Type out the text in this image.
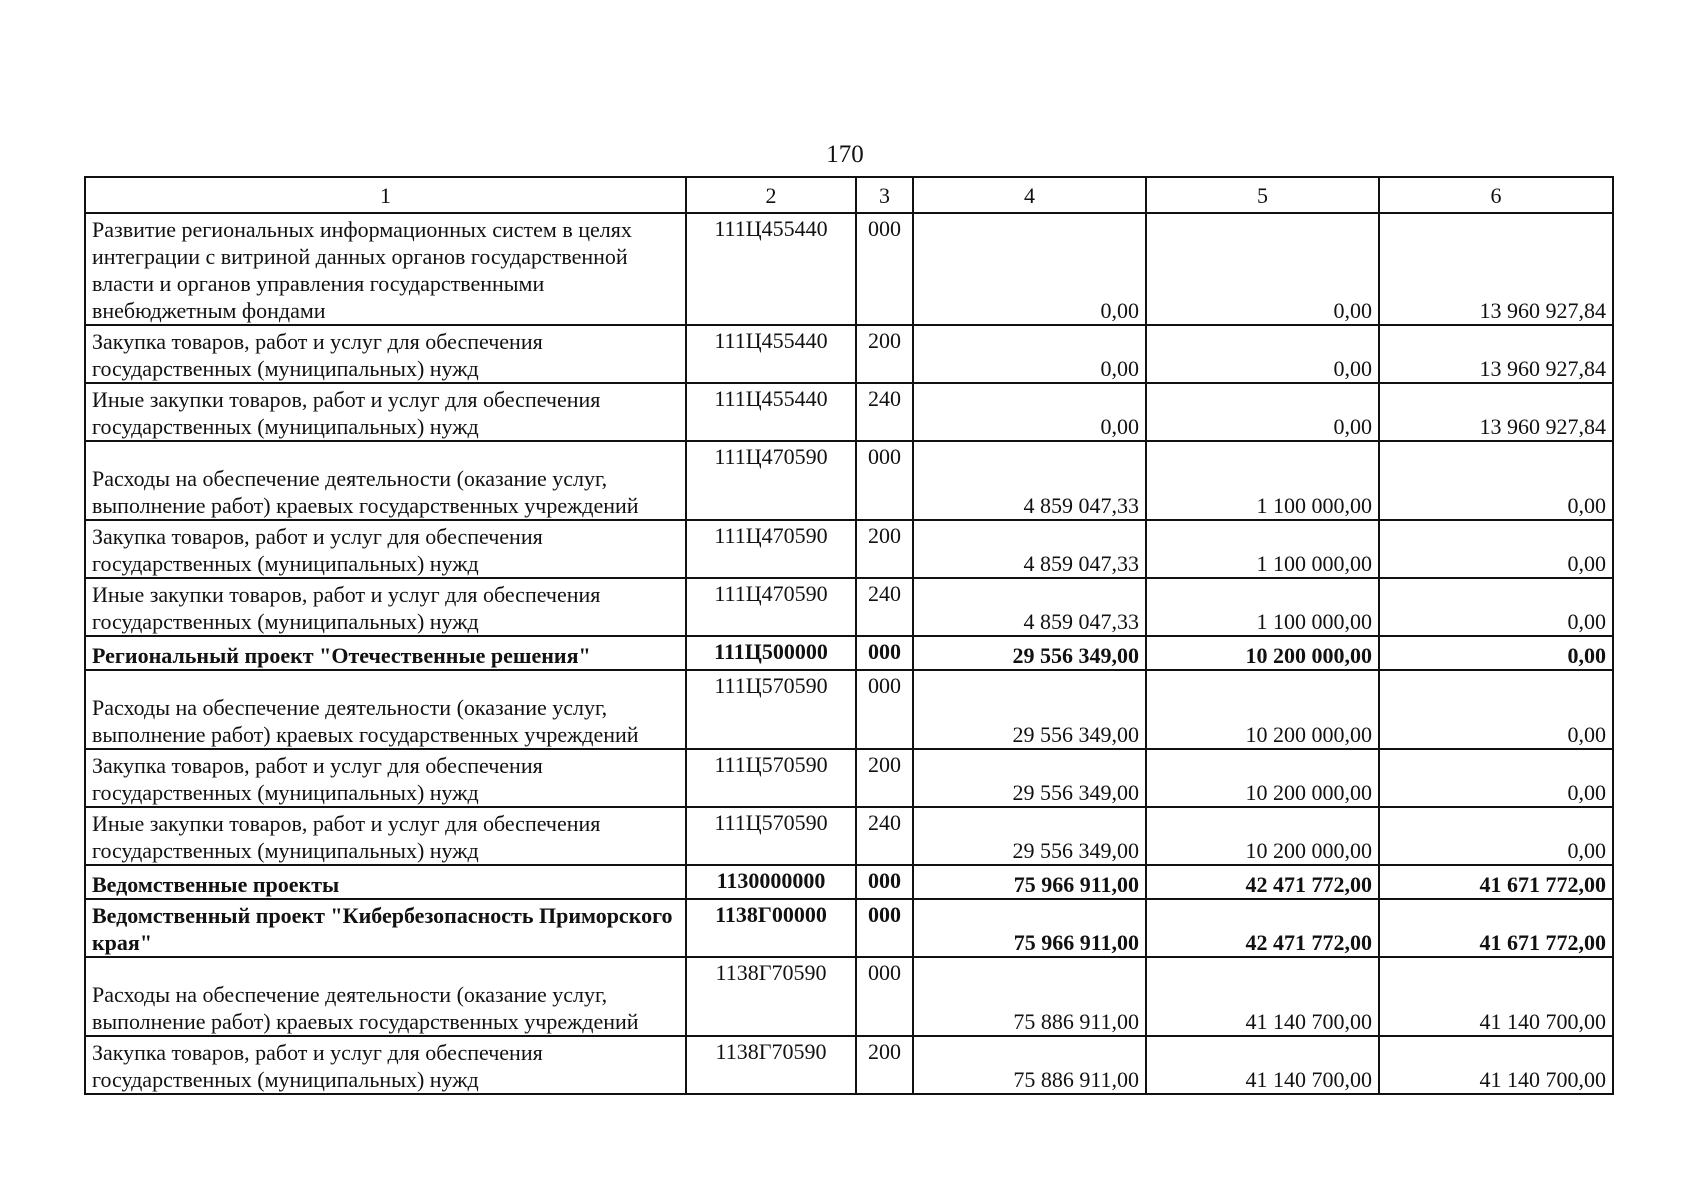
170
1	2	3	4	5	6
Развитие региональных информационных систем в целях интеграции с витриной данных органов государственной власти и органов управления государственными внебюджетным фондами	111Ц455440	000	0,00	0,00	13 960 927,84
Закупка товаров, работ и услуг для обеспечения государственных (муниципальных) нужд	111Ц455440	200	0,00	0,00	13 960 927,84
Иные закупки товаров, работ и услуг для обеспечения государственных (муниципальных) нужд	111Ц455440	240	0,00	0,00	13 960 927,84
Расходы на обеспечение деятельности (оказание услуг, выполнение работ) краевых государственных учреждений	111Ц470590	000	4 859 047,33	1 100 000,00	0,00
Закупка товаров, работ и услуг для обеспечения государственных (муниципальных) нужд	111Ц470590	200	4 859 047,33	1 100 000,00	0,00
Иные закупки товаров, работ и услуг для обеспечения государственных (муниципальных) нужд	111Ц470590	240	4 859 047,33	1 100 000,00	0,00
Региональный проект "Отечественные решения"	111Ц500000	000	29 556 349,00	10 200 000,00	0,00
Расходы на обеспечение деятельности (оказание услуг, выполнение работ) краевых государственных учреждений	111Ц570590	000	29 556 349,00	10 200 000,00	0,00
Закупка товаров, работ и услуг для обеспечения государственных (муниципальных) нужд	111Ц570590	200	29 556 349,00	10 200 000,00	0,00
Иные закупки товаров, работ и услуг для обеспечения государственных (муниципальных) нужд	111Ц570590	240	29 556 349,00	10 200 000,00	0,00
Ведомственные проекты	1130000000	000	75 966 911,00	42 471 772,00	41 671 772,00
Ведомственный проект "Кибербезопасность Приморского края"	1138Г00000	000	75 966 911,00	42 471 772,00	41 671 772,00
Расходы на обеспечение деятельности (оказание услуг, выполнение работ) краевых государственных учреждений	1138Г70590	000	75 886 911,00	41 140 700,00	41 140 700,00
Закупка товаров, работ и услуг для обеспечения государственных (муниципальных) нужд	1138Г70590	200	75 886 911,00	41 140 700,00	41 140 700,00
